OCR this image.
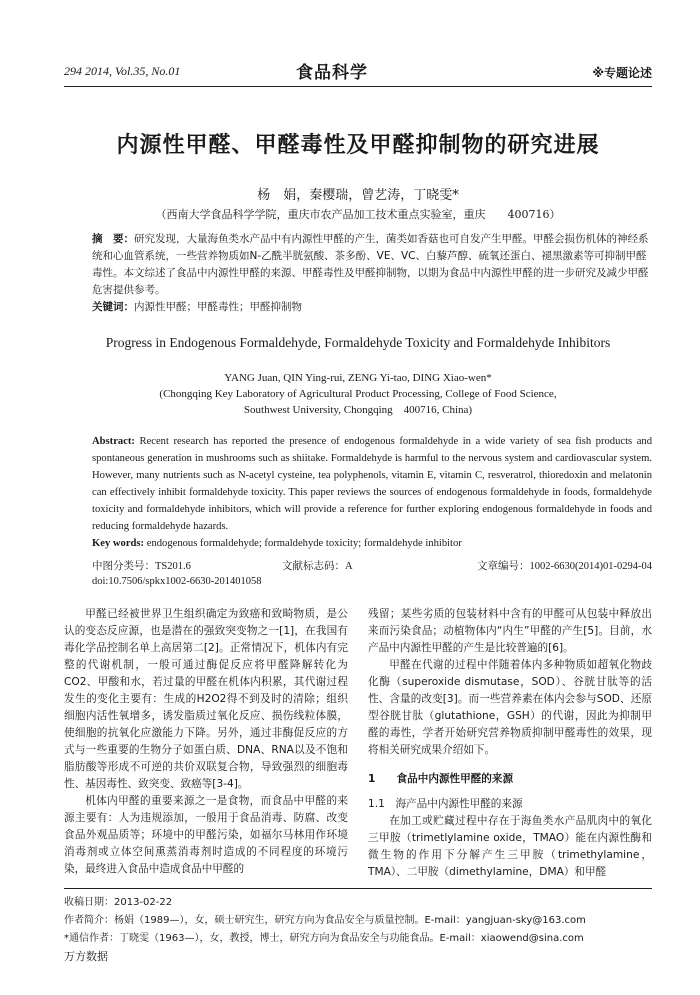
294 2014, Vol.35, No.01	食品科学	※专题论述
内源性甲醛、甲醛毒性及甲醛抑制物的研究进展
杨　娟，秦樱瑞，曾艺涛，丁晓雯*
（西南大学食品科学学院，重庆市农产品加工技术重点实验室，重庆　　400716）
摘　要：研究发现，大量海鱼类水产品中有内源性甲醛的产生，菌类如香菇也可自发产生甲醛。甲醛会损伤机体的神经系统和心血管系统，一些营养物质如N-乙酰半胱氨酸、茶多酚、VE、VC、白藜芦醇、硫氧还蛋白、褪黑激素等可抑制甲醛毒性。本文综述了食品中内源性甲醛的来源、甲醛毒性及甲醛抑制物，以期为食品中内源性甲醛的进一步研究及减少甲醛危害提供参考。
关键词：内源性甲醛；甲醛毒性；甲醛抑制物
Progress in Endogenous Formaldehyde, Formaldehyde Toxicity and Formaldehyde Inhibitors
YANG Juan, QIN Ying-rui, ZENG Yi-tao, DING Xiao-wen*
(Chongqing Key Laboratory of Agricultural Product Processing, College of Food Science,
Southwest University, Chongqing　400716, China)
Abstract: Recent research has reported the presence of endogenous formaldehyde in a wide variety of sea fish products and spontaneous generation in mushrooms such as shiitake. Formaldehyde is harmful to the nervous system and cardiovascular system. However, many nutrients such as N-acetyl cysteine, tea polyphenols, vitamin E, vitamin C, resveratrol, thioredoxin and melatonin can effectively inhibit formaldehyde toxicity. This paper reviews the sources of endogenous formaldehyde in foods, formaldehyde toxicity and formaldehyde inhibitors, which will provide a reference for further exploring endogenous formaldehyde in foods and reducing formaldehyde hazards.
Key words: endogenous formaldehyde; formaldehyde toxicity; formaldehyde inhibitor
中图分类号：TS201.6	文献标志码：A	文章编号：1002-6630(2014)01-0294-04
doi:10.7506/spkx1002-6630-201401058

甲醛已经被世界卫生组织确定为致癌和致畸物质，是公认的变态反应源，也是潜在的强致突变物之一[1]，在我国有毒化学品控制名单上高居第二[2]。正常情况下，机体内有完整的代谢机制，一般可通过酶促反应将甲醛降解转化为CO2、甲酸和水，若过量的甲醛在机体内积累，其代谢过程发生的变化主要有：生成的H2O2得不到及时的清除；组织细胞内活性氧增多，诱发脂质过氧化反应、损伤线粒体膜，使细胞的抗氧化应激能力下降。另外，通过非酶促反应的方式与一些重要的生物分子如蛋白质、DNA、RNA以及不饱和脂肪酸等形成不可逆的共价双联复合物，导致强烈的细胞毒性、基因毒性、致突变、致癌等[3-4]。

机体内甲醛的重要来源之一是食物，而食品中甲醛的来源主要有：人为违规添加，一般用于食品消毒、防腐、改变食品外观品质等；环境中的甲醛污染，如福尔马林用作环境消毒剂或立体空间熏蒸消毒剂时造成的不同程度的环境污染，最终进入食品中造成食品中甲醛的

残留；某些劣质的包装材料中含有的甲醛可从包装中释放出来而污染食品；动植物体内“内生”甲醛的产生[5]。目前，水产品中内源性甲醛的产生是比较普遍的[6]。

甲醛在代谢的过程中伴随着体内多种物质如超氧化物歧化酶（superoxide dismutase，SOD）、谷胱甘肽等的活性、含量的改变[3]。而一些营养素在体内会参与SOD、还原型谷胱甘肽（glutathione，GSH）的代谢，因此为抑制甲醛的毒性，学者开始研究营养物质抑制甲醛毒性的效果，现将相关研究成果介绍如下。

1　　食品中内源性甲醛的来源

1.1　海产品中内源性甲醛的来源

在加工或贮藏过程中存在于海鱼类水产品肌肉中的氧化三甲胺（trimetlylamine oxide，TMAO）能在内源性酶和微生物的作用下分解产生三甲胺（trimethylamine，TMA）、二甲胺（dimethylamine，DMA）和甲醛

收稿日期：2013-02-22
作者简介：杨娟（1989—），女，硕士研究生，研究方向为食品安全与质量控制。E-mail：yangjuan-sky@163.com
*通信作者：丁晓雯（1963—），女，教授，博士，研究方向为食品安全与功能食品。E-mail：xiaowend@sina.com
万方数据
